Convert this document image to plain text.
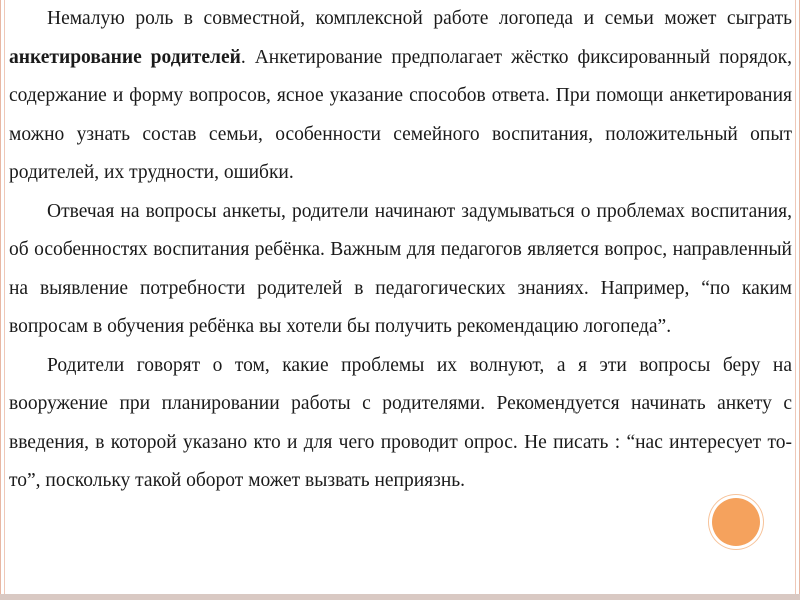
Немалую роль в совместной, комплексной работе логопеда и семьи может сыграть анкетирование родителей. Анкетирование предполагает жёстко фиксированный порядок, содержание и форму вопросов, ясное указание способов ответа. При помощи анкетирования можно узнать состав семьи, особенности семейного воспитания, положительный опыт родителей, их трудности, ошибки.

Отвечая на вопросы анкеты, родители начинают задумываться о проблемах воспитания, об особенностях воспитания ребёнка. Важным для педагогов является вопрос, направленный на выявление потребности родителей в педагогических знаниях. Например, “по каким вопросам в обучения ребёнка вы хотели бы получить рекомендацию логопеда”.

Родители говорят о том, какие проблемы их волнуют, а я эти вопросы беру на вооружение при планировании работы с родителями. Рекомендуется начинать анкету с введения, в которой указано кто и для чего проводит опрос. Не писать : “нас интересует то-то”, поскольку такой оборот может вызвать неприязнь.
